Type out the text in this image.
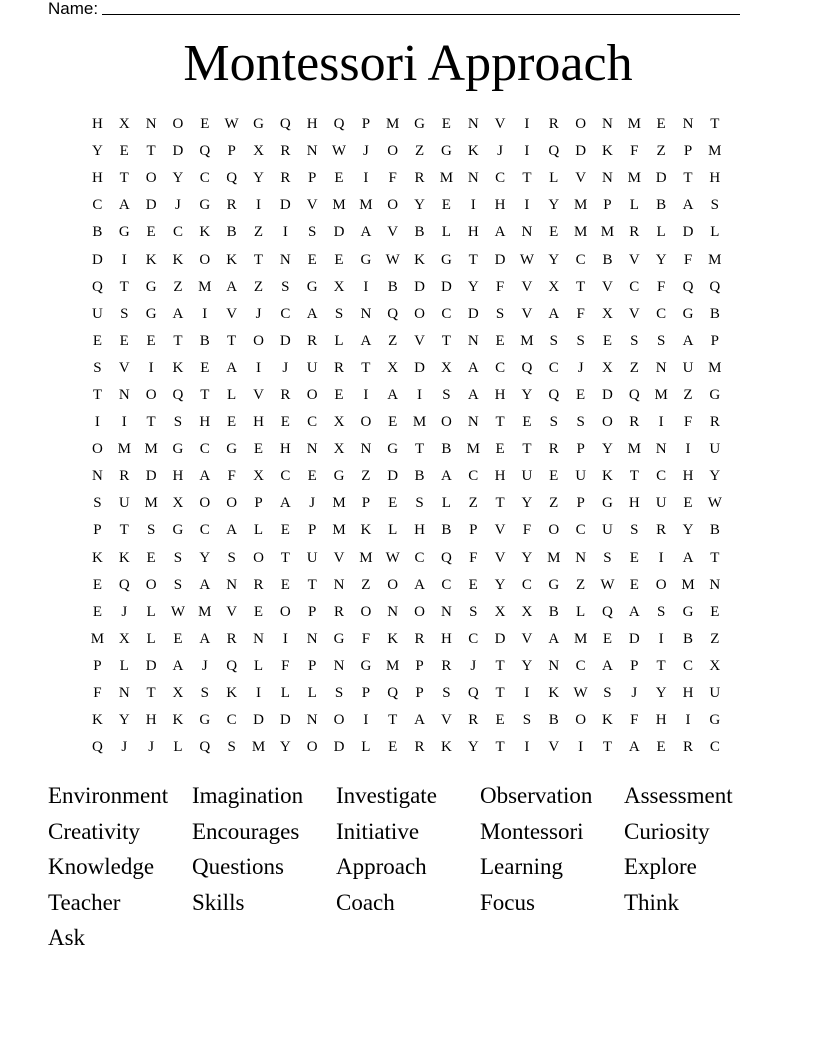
Name:
Montessori Approach
H	X	N	O	E	W G	Q	H	Q	P	M G	E	N	V	I	R	O	N M	E	N	T
Y	E	T	D	Q	P	X	R	N W	J	O	Z	G	K	J	I	Q	D	K	F	Z	P	M
H	T	O	Y	C	Q	Y	R	P	E	I	F	R	M N	C	T	L	V	N M D	T	H
C	A	D	J	G	R	I	D	V M M O	Y	E	I	H	I	Y M	P	L	B	A	S
B	G	E	C	K	B	Z	I	S	D	A	V	B	L	H	A	N	E	M M	R	L	D	L
D	I	K	K	O	K	T	N	E	E	G W K	G	T	D W Y	C	B	V	Y	F	M
Q	T	G	Z	M A	Z	S	G	X	I	B	D	D	Y	F	V	X	T	V	C	F	Q	Q
U	S	G	A	I	V	J	C	A	S	N	Q	O	C	D	S	V	A	F	X	V	C	G	B
E	E	E	T	B	T	O	D	R	L	A	Z	V	T	N	E	M	S	S	E	S	S	A	P
S	V	I	K	E	A	I	J	U	R	T	X	D	X	A	C	Q	C	J	X	Z	N	U M
T	N	O	Q	T	L	V	R	O	E	I	A	I	S	A	H	Y	Q	E	D	Q M	Z	G
I	I	T	S	H	E	H	E	C	X	O	E	M O	N	T	E	S	S	O	R	I	F	R
O M M G	C	G	E	H	N	X	N	G	T	B	M	E	T	R	P	Y M N	I	U
N	R	D	H	A	F	X	C	E	G	Z	D	B	A	C	H	U	E	U	K	T	C	H	Y
S	U M X	O	O	P	A	J	M	P	E	S	L	Z	T	Y	Z	P	G	H	U	E	W
P	T	S	G	C	A	L	E	P	M K	L	H	B	P	V	F	O	C	U	S	R	Y	B
K	K	E	S	Y	S	O	T	U	V M W C	Q	F	V	Y M N	S	E	I	A	T
E	Q	O	S	A	N	R	E	T	N	Z	O	A	C	E	Y	C	G	Z	W	E	O M N
E	J	L	W M V	E	O	P	R	O	N	O	N	S	X	X	B	L	Q	A	S	G	E
M X	L	E	A	R	N	I	N	G	F	K	R	H	C	D	V	A M	E	D	I	B	Z
P	L	D	A	J	Q	L	F	P	N	G M	P	R	J	T	Y	N	C	A	P	T	C	X
F	N	T	X	S	K	I	L	L	S	P	Q	P	S	Q	T	I	K W	S	J	Y	H	U
K	Y	H	K	G	C	D	D	N	O	I	T	A	V	R	E	S	B	O	K	F	H	I	G
Q	J	J	L	Q	S	M Y	O	D	L	E	R	K	Y	T	I	V	I	T	A	E	R	C
Environment	Imagination	Investigate	Observation	Assessment
Creativity	Encourages	Initiative	Montessori	Curiosity
Knowledge	Questions	Approach	Learning	Explore
Teacher	Skills	Coach	Focus	Think
Ask
